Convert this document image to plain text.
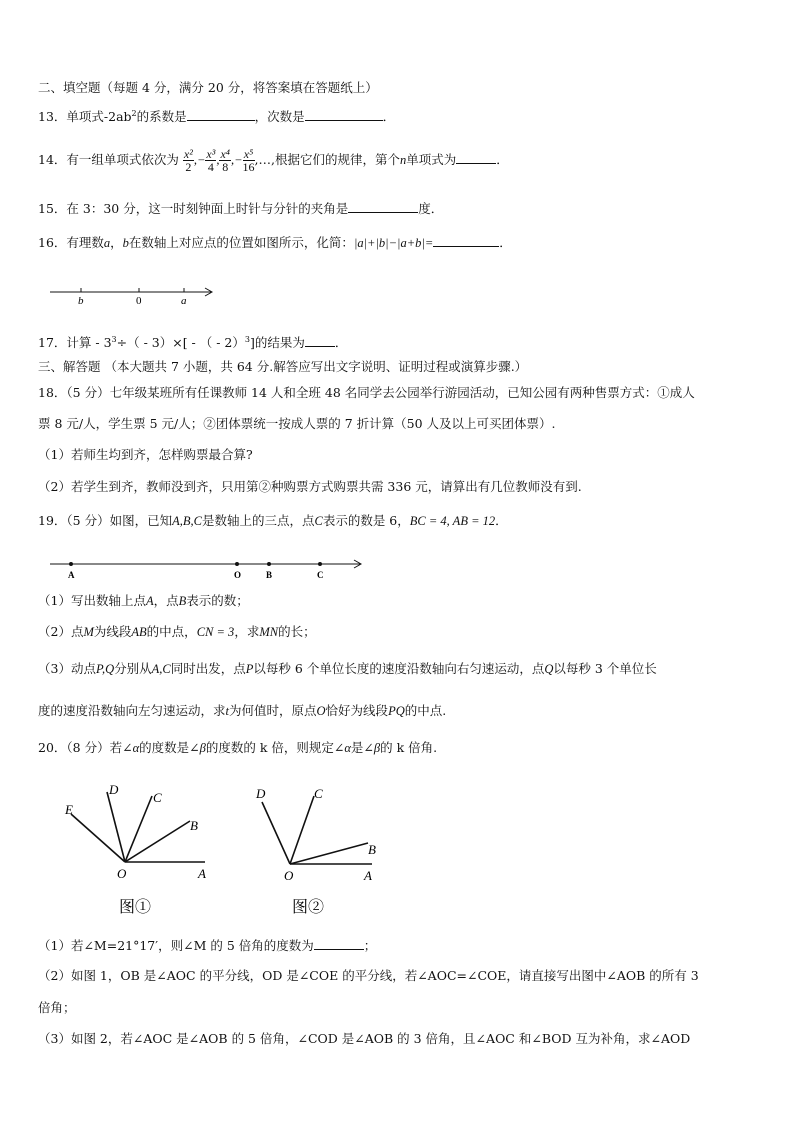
二、填空题（每题 4 分，满分 20 分，将答案填在答题纸上）
13．单项式$-2ab^2$的系数是	，次数是	．
14．有一组单项式依次为 $\frac{\text{x²}}{2}$ ,− $\frac{\text{x³}}{4}$ , $\frac{\text{x⁴}}{8}$ ,− $\frac{\text{x⁵}}{16}$ ,…,根据它们的规律，第个n单项式为	．
15．在 3：30 分，这一时刻钟面上时针与分针的夹角是	度．
16．有理数a，b在数轴上对应点的位置如图所示，化简：|a|+|b|−|a+b|=	．
b	0	a
17．计算 - $3^3\div( - 3)\times$[ - （ - 2）$^3$]的结果为 ．
三、解答题 （本大题共 7 小题，共 64 分.解答应写出文字说明、证明过程或演算步骤.）
18．（5 分）七年级某班所有任课教师 14 人和全班 48 名同学去公园举行游园活动，已知公园有两种售票方式：①成人
票 8 元/人，学生票 5 元/人；②团体票统一按成人票的 7 折计算（50 人及以上可买团体票）.
（1）若师生均到齐，怎样购票最合算?
（2）若学生到齐，教师没到齐，只用第②种购票方式购票共需 336 元，请算出有几位教师没有到.
19．（5 分）如图，已知A,B,C是数轴上的三点，点C表示的数是 6，BC = 4, AB = 12．
A	O	B	C
（1）写出数轴上点A，点B表示的数；
（2）点M为线段AB的中点，CN = 3，求MN的长；
（3）动点P,Q分别从A,C同时出发，点P以每秒 6 个单位长度的速度沿数轴向右匀速运动，点Q以每秒 3 个单位长
度的速度沿数轴向左匀速运动，求t为何值时，原点O恰好为线段PQ的中点.
20．（8 分）若∠α的度数是∠β的度数的 k 倍，则规定∠α是∠β的 k 倍角.
E
D
C
B
O	A
图①
D	C
B
O	A
图②
（1）若∠M=21°17′，则∠M 的 5 倍角的度数为	；
（2）如图 1，OB 是∠AOC 的平分线，OD 是∠COE 的平分线，若∠AOC=∠COE，请直接写出图中∠AOB 的所有 3
倍角；
（3）如图 2，若∠AOC 是∠AOB 的 5 倍角，∠COD 是∠AOB 的 3 倍角，且∠AOC 和∠BOD 互为补角，求∠AOD
